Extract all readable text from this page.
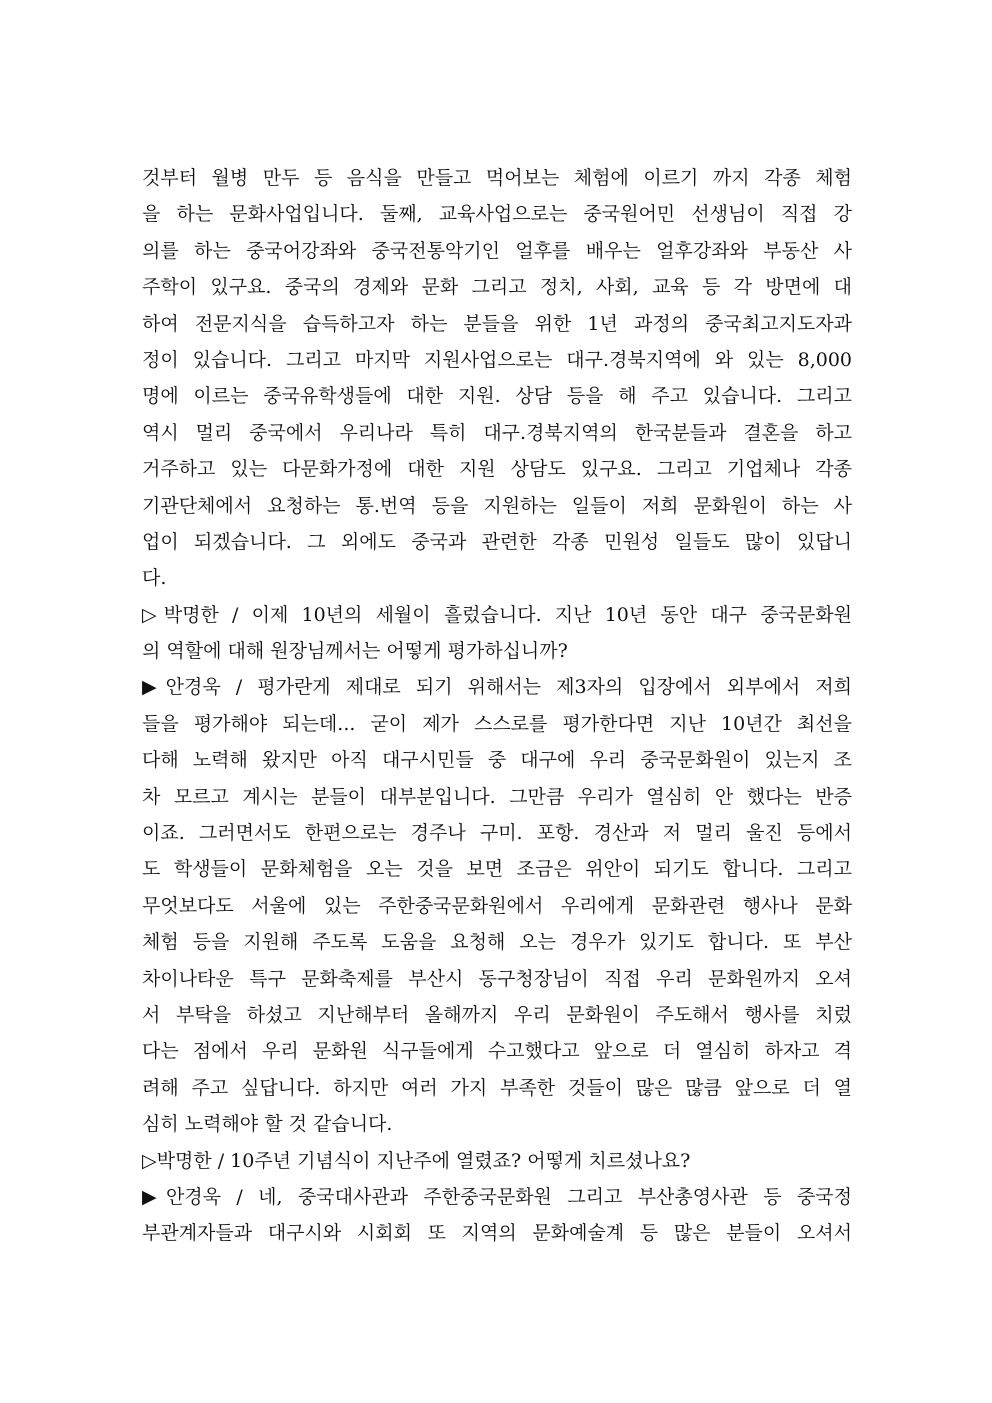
것부터 월병 만두 등 음식을 만들고 먹어보는 체험에 이르기 까지 각종 체험
을 하는 문화사업입니다. 둘째, 교육사업으로는 중국원어민 선생님이 직접 강
의를 하는 중국어강좌와 중국전통악기인 얼후를 배우는 얼후강좌와 부동산 사
주학이 있구요. 중국의 경제와 문화 그리고 정치, 사회, 교육 등 각 방면에 대
하여 전문지식을 습득하고자 하는 분들을 위한 1년 과정의 중국최고지도자과
정이 있습니다. 그리고 마지막 지원사업으로는 대구.경북지역에 와 있는 8,000
명에 이르는 중국유학생들에 대한 지원. 상담 등을 해 주고 있습니다. 그리고
역시 멀리 중국에서 우리나라 특히 대구.경북지역의 한국분들과 결혼을 하고
거주하고 있는 다문화가정에 대한 지원 상담도 있구요. 그리고 기업체나 각종
기관단체에서 요청하는 통.번역 등을 지원하는 일들이 저희 문화원이 하는 사
업이 되겠습니다. 그 외에도 중국과 관련한 각종 민원성 일들도 많이 있답니
다.
▷박명한 / 이제 10년의 세월이 흘렀습니다. 지난 10년 동안 대구 중국문화원
의 역할에 대해 원장님께서는 어떻게 평가하십니까?
▶안경욱 / 평가란게 제대로 되기 위해서는 제3자의 입장에서 외부에서 저희
들을 평가해야 되는데... 굳이 제가 스스로를 평가한다면 지난 10년간 최선을
다해 노력해 왔지만 아직 대구시민들 중 대구에 우리 중국문화원이 있는지 조
차 모르고 계시는 분들이 대부분입니다. 그만큼 우리가 열심히 안 했다는 반증
이죠. 그러면서도 한편으로는 경주나 구미. 포항. 경산과 저 멀리 울진 등에서
도 학생들이 문화체험을 오는 것을 보면 조금은 위안이 되기도 합니다. 그리고
무엇보다도 서울에 있는 주한중국문화원에서 우리에게 문화관련 행사나 문화
체험 등을 지원해 주도록 도움을 요청해 오는 경우가 있기도 합니다. 또 부산
차이나타운 특구 문화축제를 부산시 동구청장님이 직접 우리 문화원까지 오셔
서 부탁을 하셨고 지난해부터 올해까지 우리 문화원이 주도해서 행사를 치렀
다는 점에서 우리 문화원 식구들에게 수고했다고 앞으로 더 열심히 하자고 격
려해 주고 싶답니다. 하지만 여러 가지 부족한 것들이 많은 많큼 앞으로 더 열
심히 노력해야 할 것 같습니다.
▷박명한 / 10주년 기념식이 지난주에 열렸죠? 어떻게 치르셨나요?
▶안경욱 / 네, 중국대사관과 주한중국문화원 그리고 부산총영사관 등 중국정
부관계자들과 대구시와 시회회 또 지역의 문화예술계 등 많은 분들이 오셔서
